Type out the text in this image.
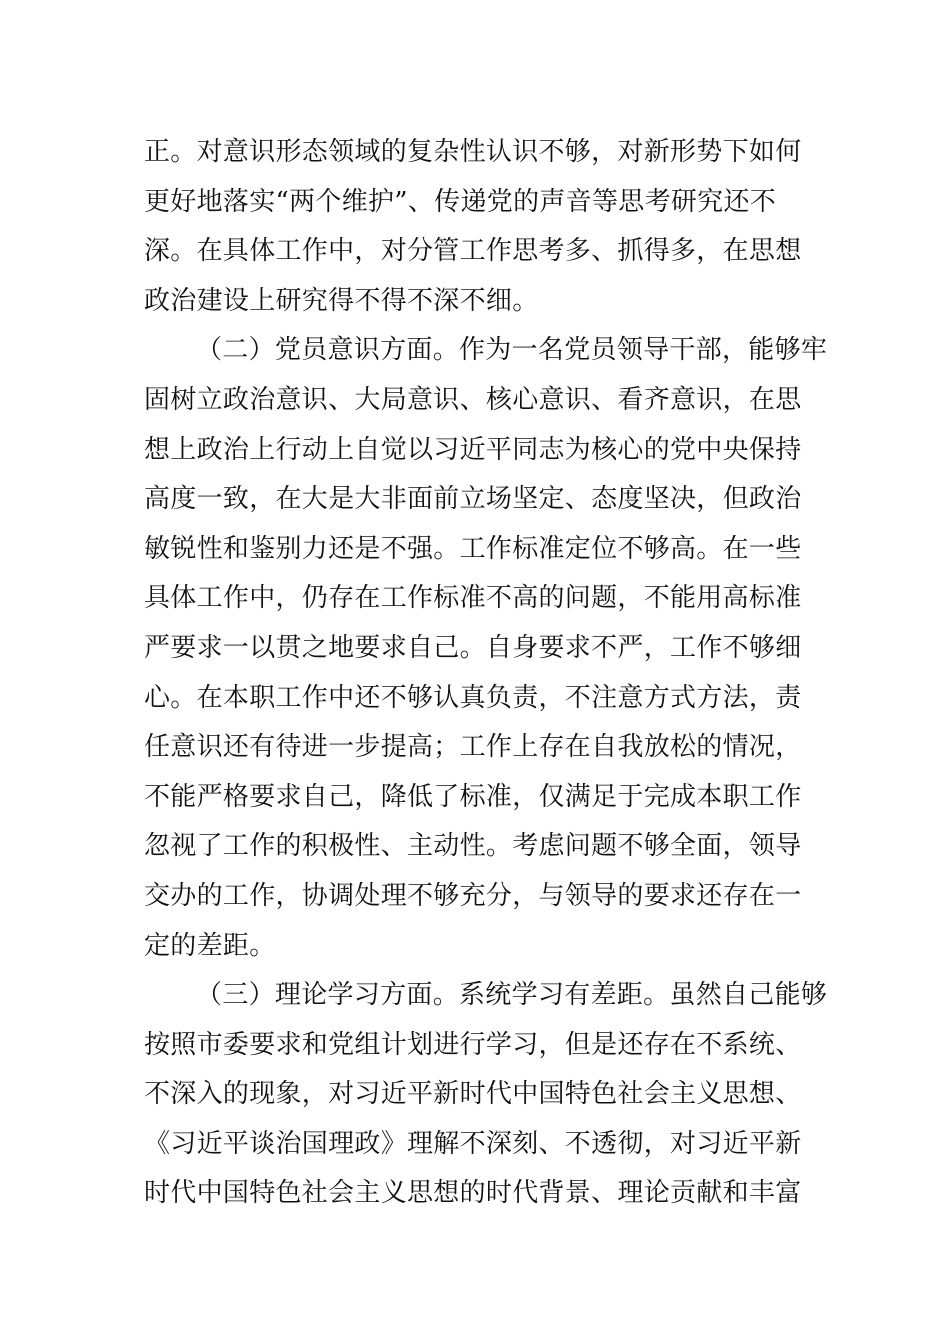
正。对意识形态领域的复杂性认识不够，对新形势下如何
更好地落实“两个维护”、传递党的声音等思考研究还不
深。在具体工作中，对分管工作思考多、抓得多，在思想
政治建设上研究得不得不深不细。
（二）党员意识方面。作为一名党员领导干部，能够牢
固树立政治意识、大局意识、核心意识、看齐意识，在思
想上政治上行动上自觉以习近平同志为核心的党中央保持
高度一致，在大是大非面前立场坚定、态度坚决，但政治
敏锐性和鉴别力还是不强。工作标准定位不够高。在一些
具体工作中，仍存在工作标准不高的问题，不能用高标准
严要求一以贯之地要求自己。自身要求不严，工作不够细
心。在本职工作中还不够认真负责，不注意方式方法，责
任意识还有待进一步提高；工作上存在自我放松的情况，
不能严格要求自己，降低了标准，仅满足于完成本职工作
忽视了工作的积极性、主动性。考虑问题不够全面，领导
交办的工作，协调处理不够充分，与领导的要求还存在一
定的差距。
（三）理论学习方面。系统学习有差距。虽然自己能够
按照市委要求和党组计划进行学习，但是还存在不系统、
不深入的现象，对习近平新时代中国特色社会主义思想、
《习近平谈治国理政》理解不深刻、不透彻，对习近平新
时代中国特色社会主义思想的时代背景、理论贡献和丰富
